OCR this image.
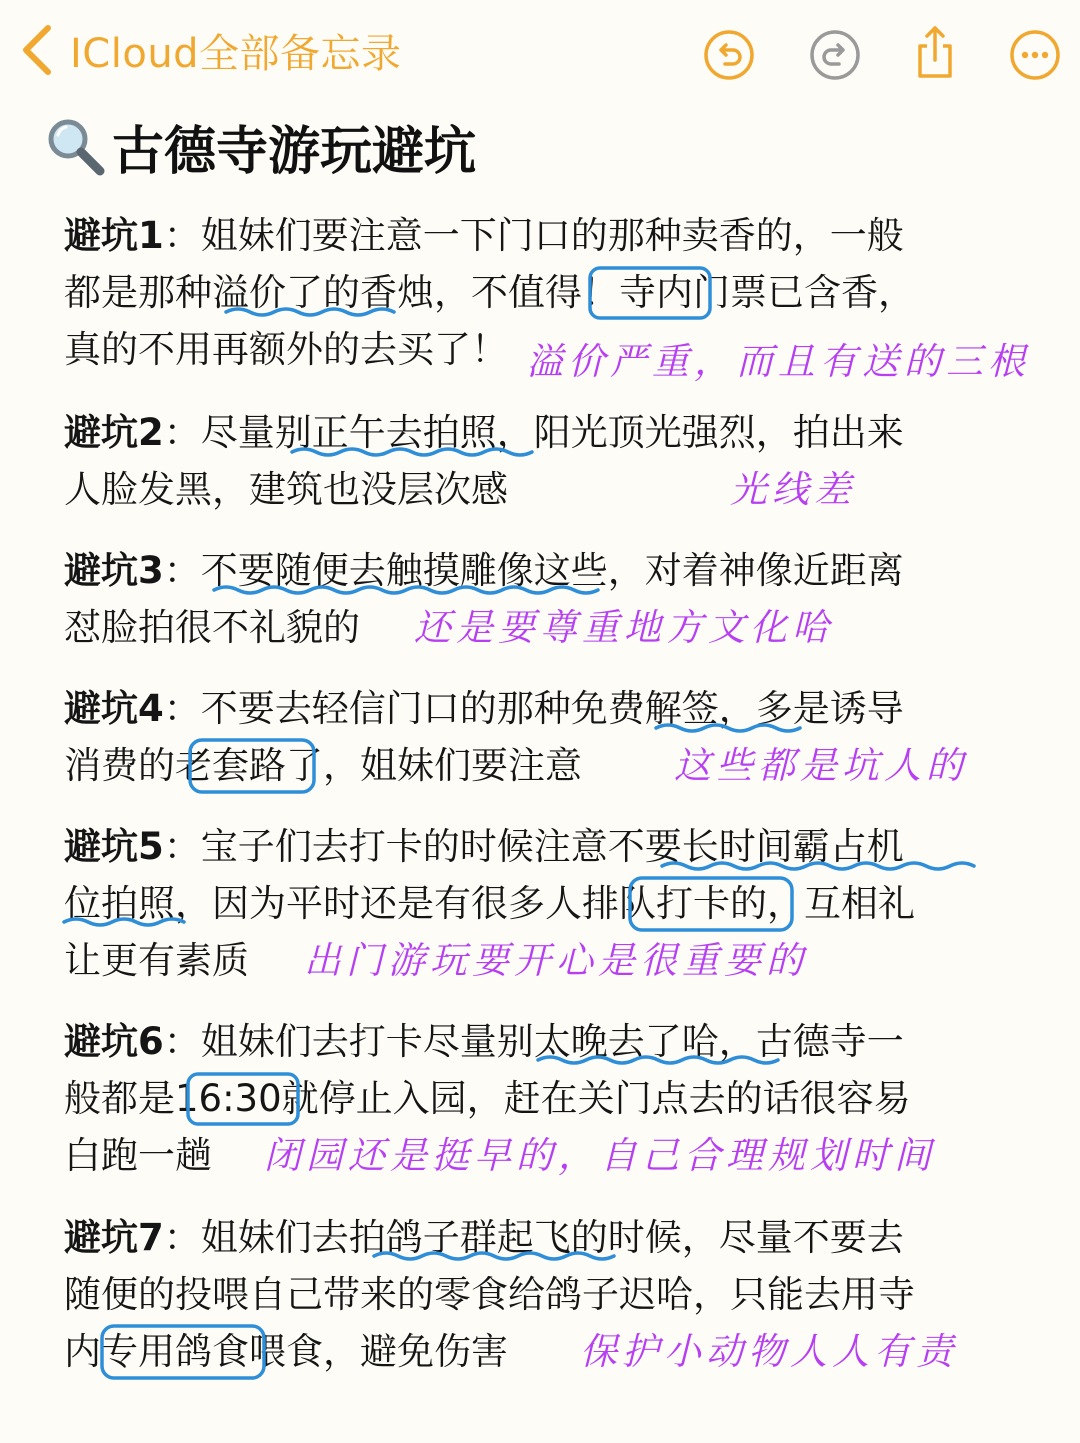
ICloud全部备忘录
古德寺游玩避坑
避坑1：姐妹们要注意一下门口的那种卖香的，一般
都是那种溢价了的香烛，不值得！寺内门票已含香，
真的不用再额外的去买了！ 溢价严重，而且有送的三根
避坑2：尽量别正午去拍照，阳光顶光强烈，拍出来
人脸发黑，建筑也没层次感	光线差
避坑3：不要随便去触摸雕像这些，对着神像近距离
怼脸拍很不礼貌的 还是要尊重地方文化哈
避坑4：不要去轻信门口的那种免费解签，多是诱导
消费的老套路了，姐妹们要注意 这些都是坑人的
避坑5：宝子们去打卡的时候注意不要长时间霸占机
位拍照，因为平时还是有很多人排队打卡的，互相礼
让更有素质 出门游玩要开心是很重要的
避坑6：姐妹们去打卡尽量别太晚去了哈，古德寺一
般都是16:30就停止入园，赶在关门点去的话很容易
白跑一趟 闭园还是挺早的，自己合理规划时间
避坑7：姐妹们去拍鸽子群起飞的时候，尽量不要去
随便的投喂自己带来的零食给鸽子迟哈，只能去用寺
内专用鸽食喂食，避免伤害 保护小动物人人有责
